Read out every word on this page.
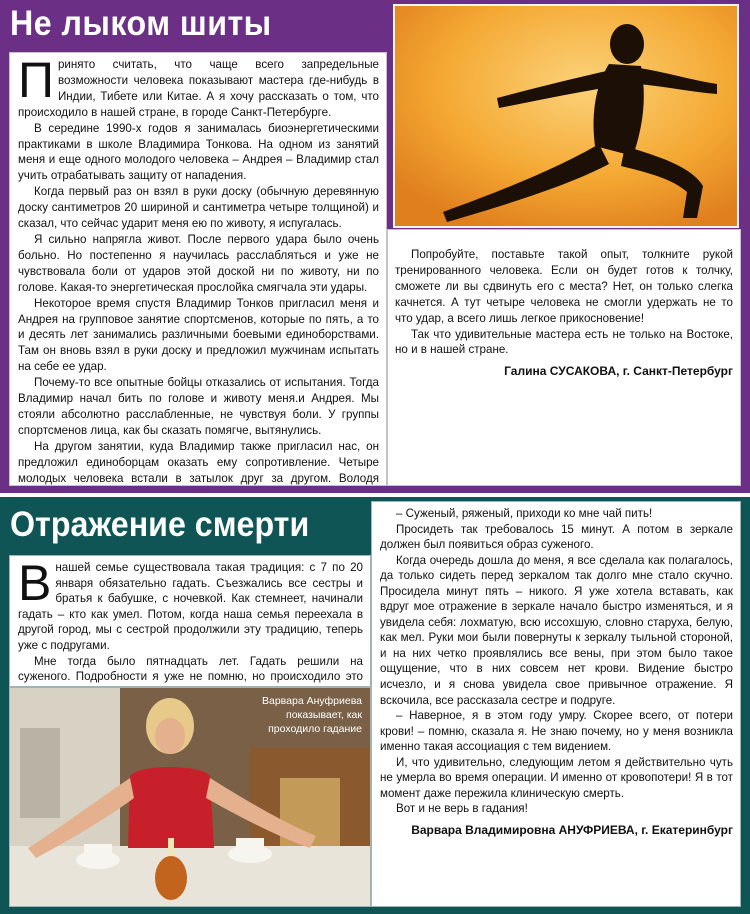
Не лыком шиты

Принято считать, что чаще всего запредельные возможности человека показывают мастера где-нибудь в Индии, Тибете или Китае. А я хочу рассказать о том, что происходило в нашей стране, в городе Санкт-Петербурге.

В середине 1990-х годов я занималась биоэнергетическими практиками в школе Владимира Тонкова. На одном из занятий меня и еще одного молодого человека – Андрея – Владимир стал учить отрабатывать защиту от нападения.

Когда первый раз он взял в руки доску (обычную деревянную доску сантиметров 20 шириной и сантиметра четыре толщиной) и сказал, что сейчас ударит меня ею по животу, я испугалась.

Я сильно напрягла живот. После первого удара было очень больно. Но постепенно я научилась расслабляться и уже не чувствовала боли от ударов этой доской ни по животу, ни по голове. Какая-то энергетическая прослойка смягчала эти удары.

Некоторое время спустя Владимир Тонков пригласил меня и Андрея на групповое занятие спортсменов, которые по пять, а то и десять лет занимались различными боевыми единоборствами. Там он вновь взял в руки доску и предложил мужчинам испытать на себе ее удар.

Почему-то все опытные бойцы отказались от испытания. Тогда Владимир начал бить по голове и животу меня.и Андрея. Мы стояли абсолютно расслабленные, не чувствуя боли. У группы спортсменов лица, как бы сказать помягче, вытянулись.

На другом занятии, куда Владимир также пригласил нас, он предложил единоборцам оказать ему сопротивление. Четыре молодых человека встали в затылок друг за другом. Володя

Попробуйте, поставьте такой опыт, толкните рукой тренированного человека. Если он будет готов к толчку, сможете ли вы сдвинуть его с места? Нет, он только слегка качнется. А тут четыре человека не смогли удержать не то что удар, а всего лишь легкое прикосновение!

Так что удивительные мастера есть не только на Востоке, но и в нашей стране.

Галина СУСАКОВА, г. Санкт-Петербург

Отражение смерти

Внашей семье существовала такая традиция: с 7 по 20 января обязательно гадать. Съезжались все сестры и братья к бабушке, с ночевкой. Как стемнеет, начинали гадать – кто как умел. Потом, когда наша семья переехала в другой город, мы с сестрой продолжили эту традицию, теперь уже с подругами.

Мне тогда было пятнадцать лет. Гадать решили на суженого. Подробности я уже не помню, но происходило это

Варвара Ануфриева показывает, как проходило гадание

– Суженый, ряженый, приходи ко мне чай пить!

Просидеть так требовалось 15 минут. А потом в зеркале должен был появиться образ суженого.

Когда очередь дошла до меня, я все сделала как полагалось, да только сидеть перед зеркалом так долго мне стало скучно. Просидела минут пять – никого. Я уже хотела вставать, как вдруг мое отражение в зеркале начало быстро изменяться, и я увидела себя: лохматую, всю иссохшую, словно старуха, белую, как мел. Руки мои были повернуты к зеркалу тыльной стороной, и на них четко проявлялись все вены, при этом было такое ощущение, что в них совсем нет крови. Видение быстро исчезло, и я снова увидела свое привычное отражение. Я вскочила, все рассказала сестре и подруге.

– Наверное, я в этом году умру. Скорее всего, от потери крови! – помню, сказала я. Не знаю почему, но у меня возникла именно такая ассоциация с тем видением.

И, что удивительно, следующим летом я действительно чуть не умерла во время операции. И именно от кровопотери! Я в тот момент даже пережила клиническую смерть.

Вот и не верь в гадания!

Варвара Владимировна АНУФРИЕВА, г. Екатеринбург
